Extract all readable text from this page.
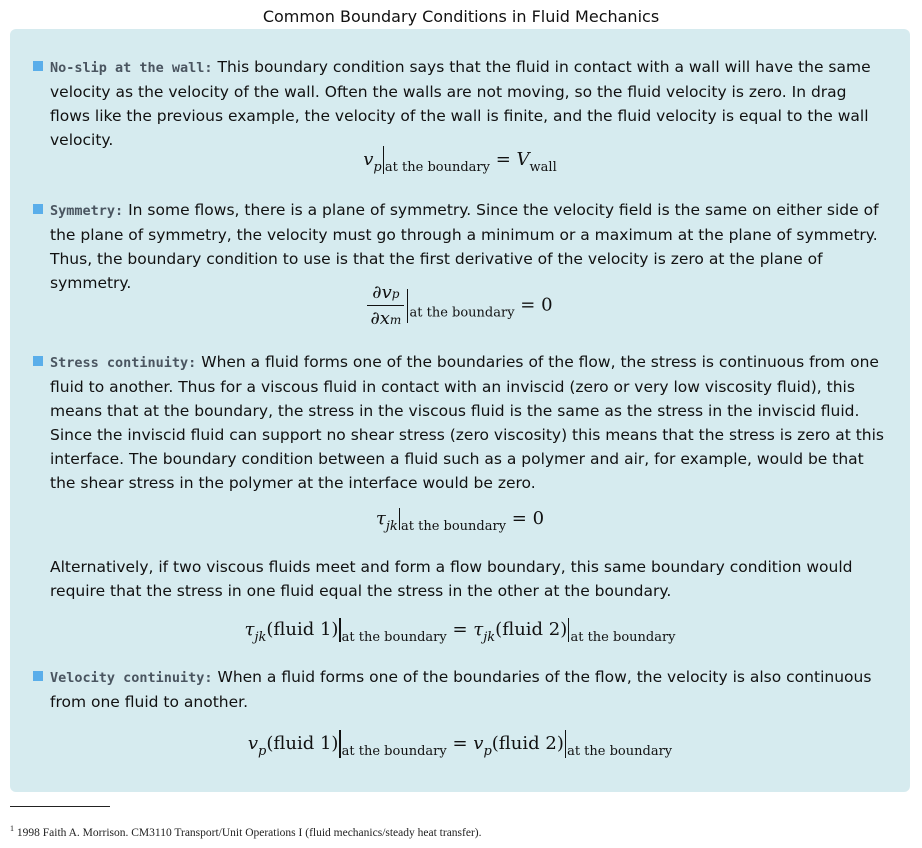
Common Boundary Conditions in Fluid Mechanics
No-slip at the wall: This boundary condition says that the fluid in contact with a wall will have the same velocity as the velocity of the wall. Often the walls are not moving, so the fluid velocity is zero. In drag flows like the previous example, the velocity of the wall is finite, and the fluid velocity is equal to the wall velocity.
$v_p$ $_{at the boundary} = V_{wall}$
Symmetry: In some flows, there is a plane of symmetry. Since the velocity field is the same on either side of the plane of symmetry, the velocity must go through a minimum or a maximum at the plane of symmetry. Thus, the boundary condition to use is that the first derivative of the velocity is zero at the plane of symmetry.	$\frac{\partial vp}{\partial xm} _{at the boundary} = 0$
Stress continuity: When a fluid forms one of the boundaries of the flow, the stress is continuous from one fluid to another. Thus for a viscous fluid in contact with an inviscid (zero or very low viscosity fluid), this means that at the boundary, the stress in the viscous fluid is the same as the stress in the inviscid fluid. Since the inviscid fluid can support no shear stress (zero viscosity) this means that the stress is zero at this interface. The boundary condition between a fluid such as a polymer and air, for example, would be that the shear stress in the polymer at the interface would be zero.
$\tau_{jk}$ $_{at the boundary}$ = 0
Alternatively, if two viscous fluids meet and form a flow boundary, this same boundary condition would require that the stress in one fluid equal the stress in the other at the boundary.
$\tau_{jk}(fluid$ 1) $_{at the boundary} = \tau_{jk}(fluid$ 2) $_{at the boundary}$
Velocity continuity: When a fluid forms one of the boundaries of the flow, the velocity is also continuous from one fluid to another.
$v_p(fluid$ 1) $_{at the boundary} = v_p(fluid$ 2) $_{at the boundary}$
$^1$ 1998 Faith A. Morrison. CM3110 Transport/Unit Operations I (fluid mechanics/steady heat transfer).
